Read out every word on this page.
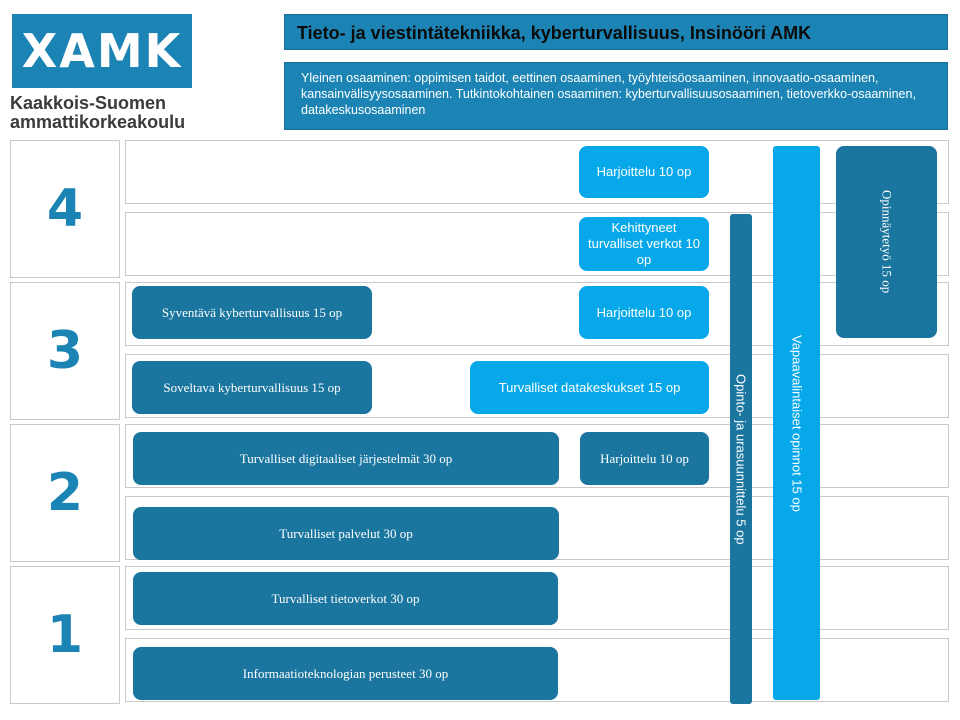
XAMK
Kaakkois-Suomen
ammattikorkeakoulu
Tieto- ja viestintätekniikka, kyberturvallisuus, Insinööri AMK
Yleinen osaaminen: oppimisen taidot, eettinen osaaminen, työyhteisöosaaminen, innovaatio-osaaminen, kansainvälisyysosaaminen. Tutkintokohtainen osaaminen: kyberturvallisuusosaaminen, tietoverkko-osaaminen, datakeskusosaaminen
4
3
2
1
Harjoittelu 10 op
Kehittyneet turvalliset verkot 10 op	Opinnäytetyö 15 op
Syventävä kyberturvallisuus 15 op	Harjoittelu 10 op
Soveltava kyberturvallisuus 15 op	Turvalliset datakeskukset 15 op
Turvalliset digitaaliset järjestelmät 30 op	Harjoittelu 10 op
Turvalliset palvelut 30 op
Turvalliset tietoverkot 30 op
Informaatioteknologian perusteet 30 op
Opinto- ja urasuunnittelu 5 op	Vapaavalintaiset opinnot 15 op
